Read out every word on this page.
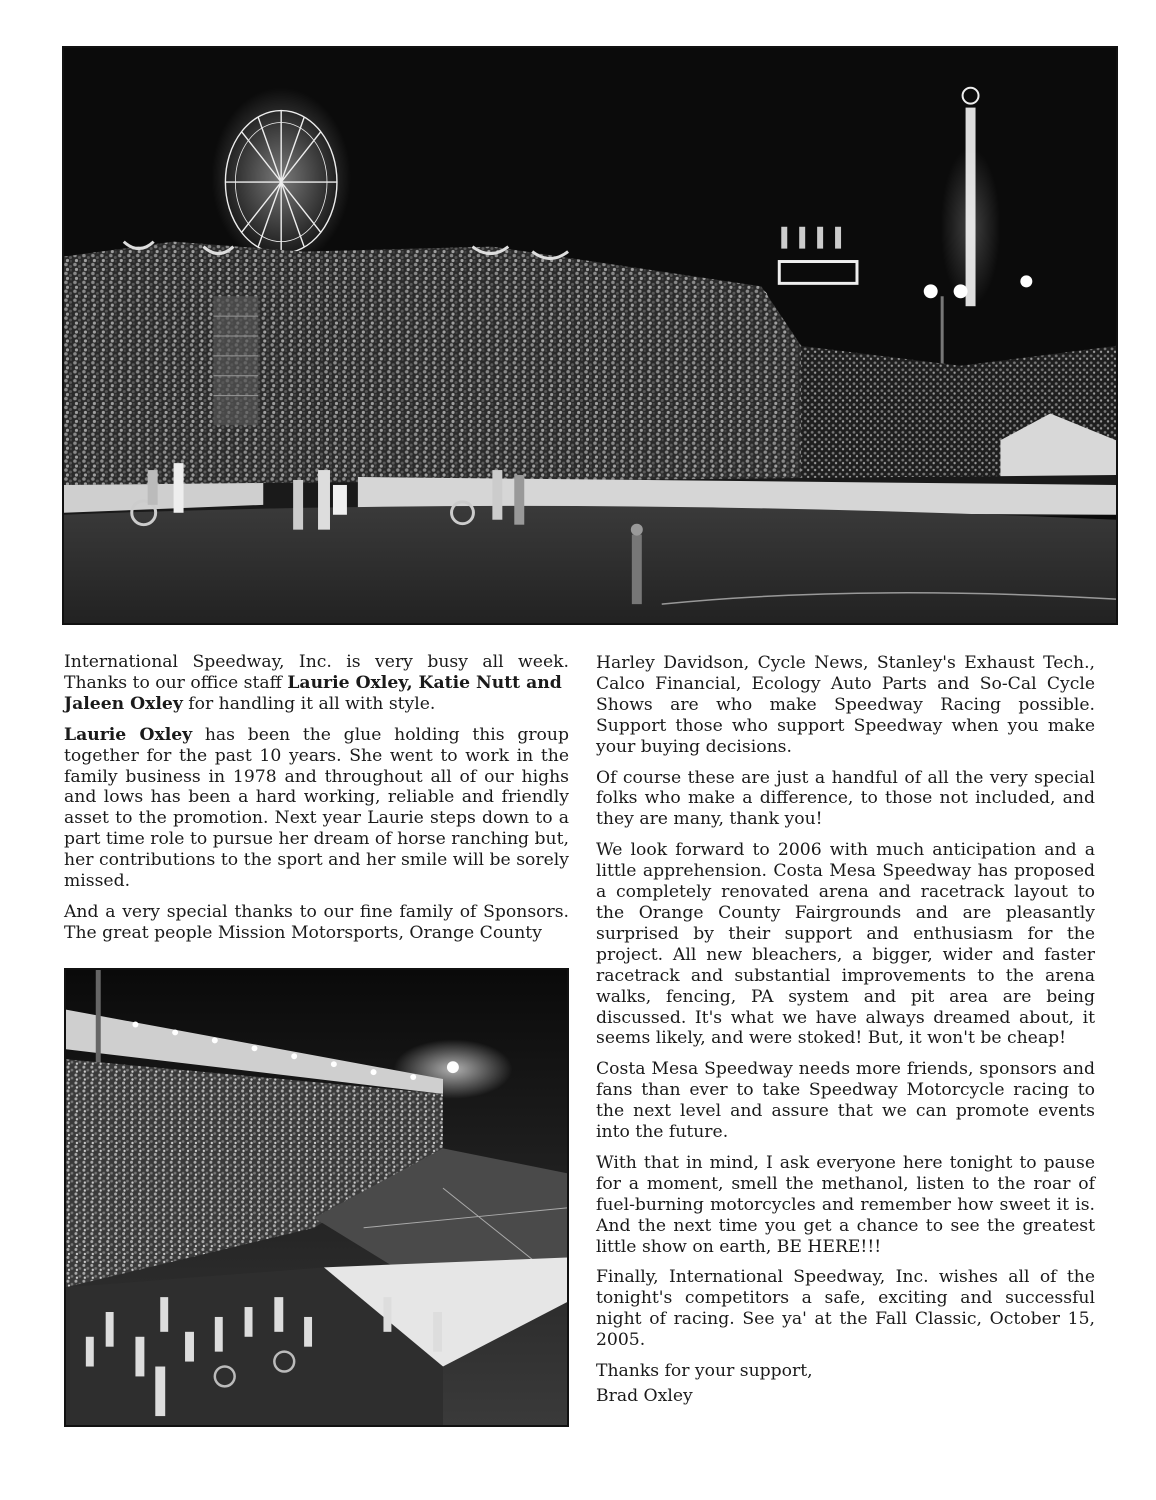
International Speedway, Inc. is very busy all week. Thanks to our office staff Laurie Oxley, Katie Nutt and
Jaleen Oxley for handling it all with style.

Laurie Oxley has been the glue holding this group together for the past 10 years. She went to work in the family business in 1978 and throughout all of our highs and lows has been a hard working, reliable and friendly asset to the promotion. Next year Laurie steps down to a part time role to pursue her dream of horse ranching but, her contributions to the sport and her smile will be sorely missed.

And a very special thanks to our fine family of Sponsors. The great people Mission Motorsports, Orange County

Harley Davidson, Cycle News, Stanley's Exhaust Tech., Calco Financial, Ecology Auto Parts and So-Cal Cycle Shows are who make Speedway Racing possible. Support those who support Speedway when you make your buying decisions.

Of course these are just a handful of all the very special folks who make a difference, to those not included, and they are many, thank you!

We look forward to 2006 with much anticipation and a little apprehension. Costa Mesa Speedway has proposed a completely renovated arena and racetrack layout to the Orange County Fairgrounds and are pleasantly surprised by their support and enthusiasm for the project. All new bleachers, a bigger, wider and faster racetrack and substantial improvements to the arena walks, fencing, PA system and pit area are being discussed. It's what we have always dreamed about, it seems likely, and were stoked! But, it won't be cheap!

Costa Mesa Speedway needs more friends, sponsors and fans than ever to take Speedway Motorcycle racing to the next level and assure that we can promote events into the future.

With that in mind, I ask everyone here tonight to pause for a moment, smell the methanol, listen to the roar of fuel-burning motorcycles and remember how sweet it is. And the next time you get a chance to see the greatest little show on earth, BE HERE!!!

Finally, International Speedway, Inc. wishes all of the tonight's competitors a safe, exciting and successful night of racing. See ya' at the Fall Classic, October 15, 2005.

Thanks for your support,

Brad Oxley
